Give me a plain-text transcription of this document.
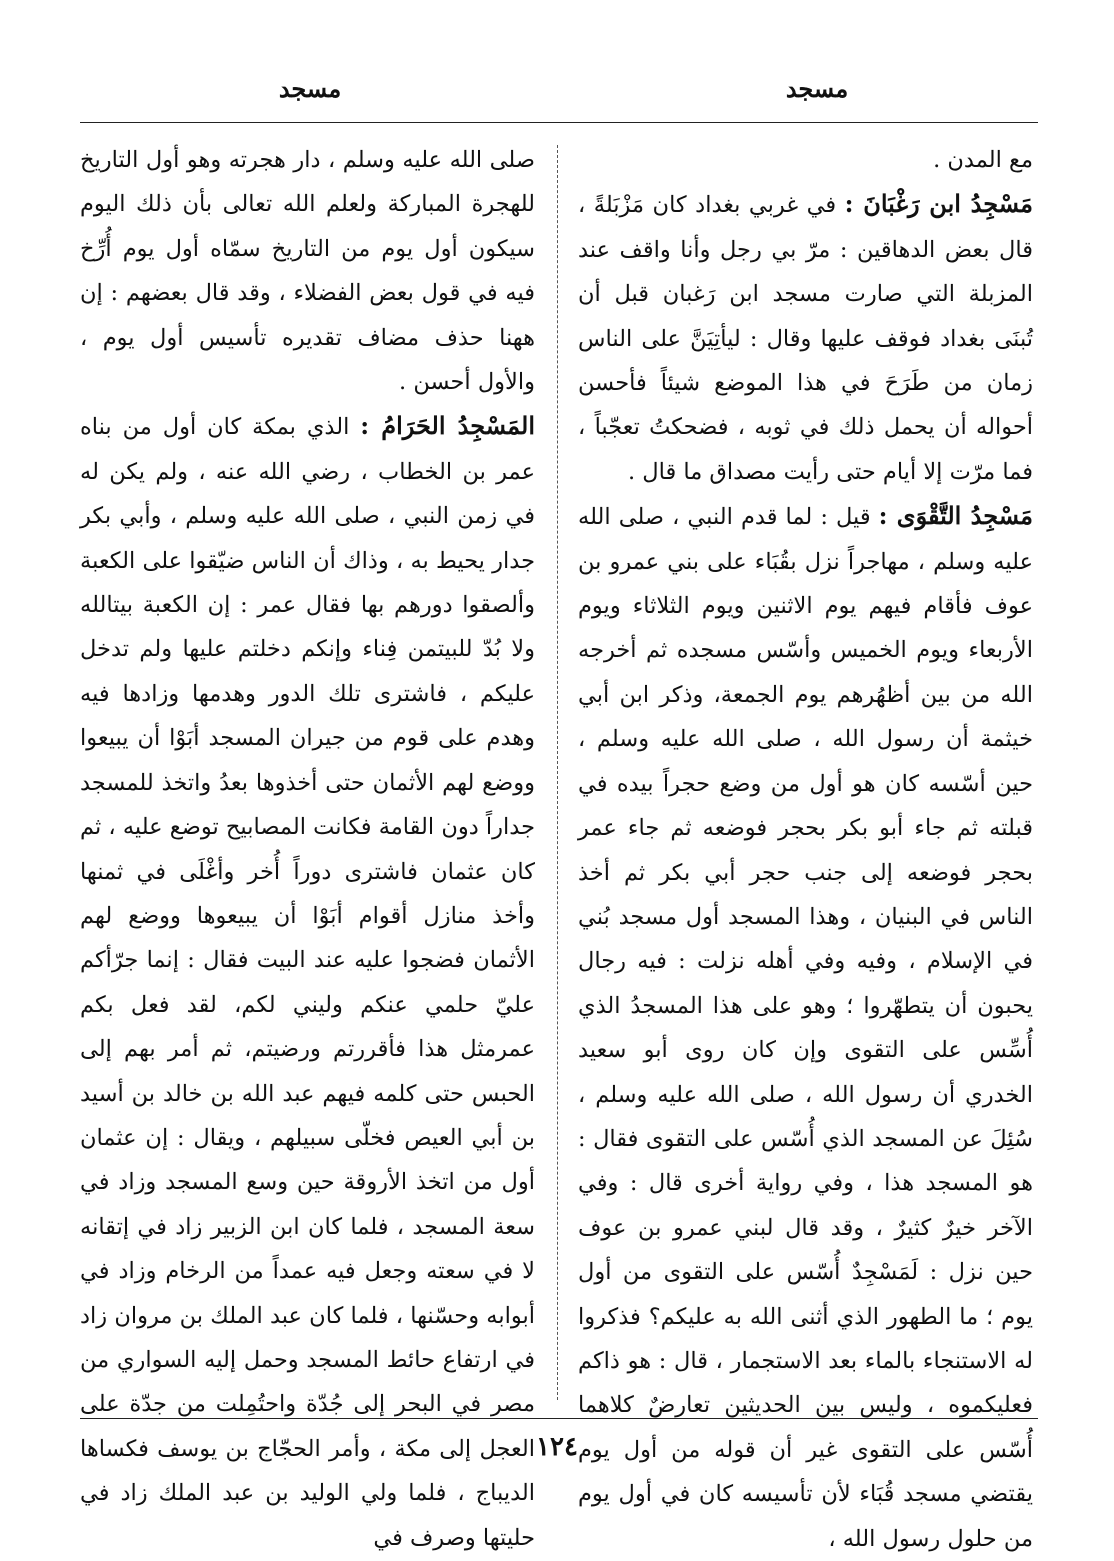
مسجد
مسجد

مع المدن .

مَسْجِدُ ابن رَغْبَانَ : في غربي بغداد كان مَزْبَلةً ، قال بعض الدهاقين : مرّ بي رجل وأنا واقف عند المزبلة التي صارت مسجد ابن رَغبان قبل أن تُبنَى بغداد فوقف عليها وقال : ليأتِيَنَّ على الناس زمان من طَرَحَ في هذا الموضع شيئاً فأحسن أحواله أن يحمل ذلك في ثوبه ، فضحكتُ تعجّباً ، فما مرّت إلا أيام حتى رأيت مصداق ما قال .

مَسْجِدُ التَّقْوَى : قيل : لما قدم النبي ، صلى الله عليه وسلم ، مهاجراً نزل بقُبَاء على بني عمرو بن عوف فأقام فيهم يوم الاثنين ويوم الثلاثاء ويوم الأربعاء ويوم الخميس وأسّس مسجده ثم أخرجه الله من بين أظهُرهم يوم الجمعة، وذكر ابن أبي خيثمة أن رسول الله ، صلى الله عليه وسلم ، حين أسّسه كان هو أول من وضع حجراً بيده في قبلته ثم جاء أبو بكر بحجر فوضعه ثم جاء عمر بحجر فوضعه إلى جنب حجر أبي بكر ثم أخذ الناس في البنيان ، وهذا المسجد أول مسجد بُني في الإسلام ، وفيه وفي أهله نزلت : فيه رجال يحبون أن يتطهّروا ؛ وهو على هذا المسجدُ الذي أُسِّس على التقوى وإن كان روى أبو سعيد الخدري أن رسول الله ، صلى الله عليه وسلم ، سُئِلَ عن المسجد الذي أُسّس على التقوى فقال : هو المسجد هذا ، وفي رواية أخرى قال : وفي الآخر خيرٌ كثيرٌ ، وقد قال لبني عمرو بن عوف حين نزل : لَمَسْجِدٌ أُسّس على التقوى من أول يوم ؛ ما الطهور الذي أثنى الله به عليكم؟ فذكروا له الاستنجاء بالماء بعد الاستجمار ، قال : هو ذاكم فعليكموه ، وليس بين الحديثين تعارضٌ كلاهما أُسّس على التقوى غير أن قوله من أول يوم يقتضي مسجد قُبَاء لأن تأسيسه كان في أول يوم من حلول رسول الله ،

صلى الله عليه وسلم ، دار هجرته وهو أول التاريخ للهجرة المباركة ولعلم الله تعالى بأن ذلك اليوم سيكون أول يوم من التاريخ سمّاه أول يوم أُرِّخ فيه في قول بعض الفضلاء ، وقد قال بعضهم : إن ههنا حذف مضاف تقديره تأسيس أول يوم ، والأول أحسن .

المَسْجِدُ الحَرَامُ : الذي بمكة كان أول من بناه عمر بن الخطاب ، رضي الله عنه ، ولم يكن له في زمن النبي ، صلى الله عليه وسلم ، وأبي بكر جدار يحيط به ، وذاك أن الناس ضيّقوا على الكعبة وألصقوا دورهم بها فقال عمر : إن الكعبة بيتالله ولا بُدّ للبيتمن فِناء وإنكم دخلتم عليها ولم تدخل عليكم ، فاشترى تلك الدور وهدمها وزادها فيه وهدم على قوم من جيران المسجد أبَوْا أن يبيعوا ووضع لهم الأثمان حتى أخذوها بعدُ واتخذ للمسجد جداراً دون القامة فكانت المصابيح توضع عليه ، ثم كان عثمان فاشترى دوراً أُخر وأغْلَى في ثمنها وأخذ منازل أقوام أبَوْا أن يبيعوها ووضع لهم الأثمان فضجوا عليه عند البيت فقال : إنما جرّأكم عليّ حلمي عنكم وليني لكم، لقد فعل بكم عمرمثل هذا فأقررتم ورضيتم، ثم أمر بهم إلى الحبس حتى كلمه فيهم عبد الله بن خالد بن أسيد بن أبي العيص فخلّى سبيلهم ، ويقال : إن عثمان أول من اتخذ الأروقة حين وسع المسجد وزاد في سعة المسجد ، فلما كان ابن الزبير زاد في إتقانه لا في سعته وجعل فيه عمداً من الرخام وزاد في أبوابه وحسّنها ، فلما كان عبد الملك بن مروان زاد في ارتفاع حائط المسجد وحمل إليه السواري من مصر في البحر إلى جُدّة واحتُمِلت من جدّة على العجل إلى مكة ، وأمر الحجّاج بن يوسف فكساها الديباج ، فلما ولي الوليد بن عبد الملك زاد في حليتها وصرف في

١٢٤
